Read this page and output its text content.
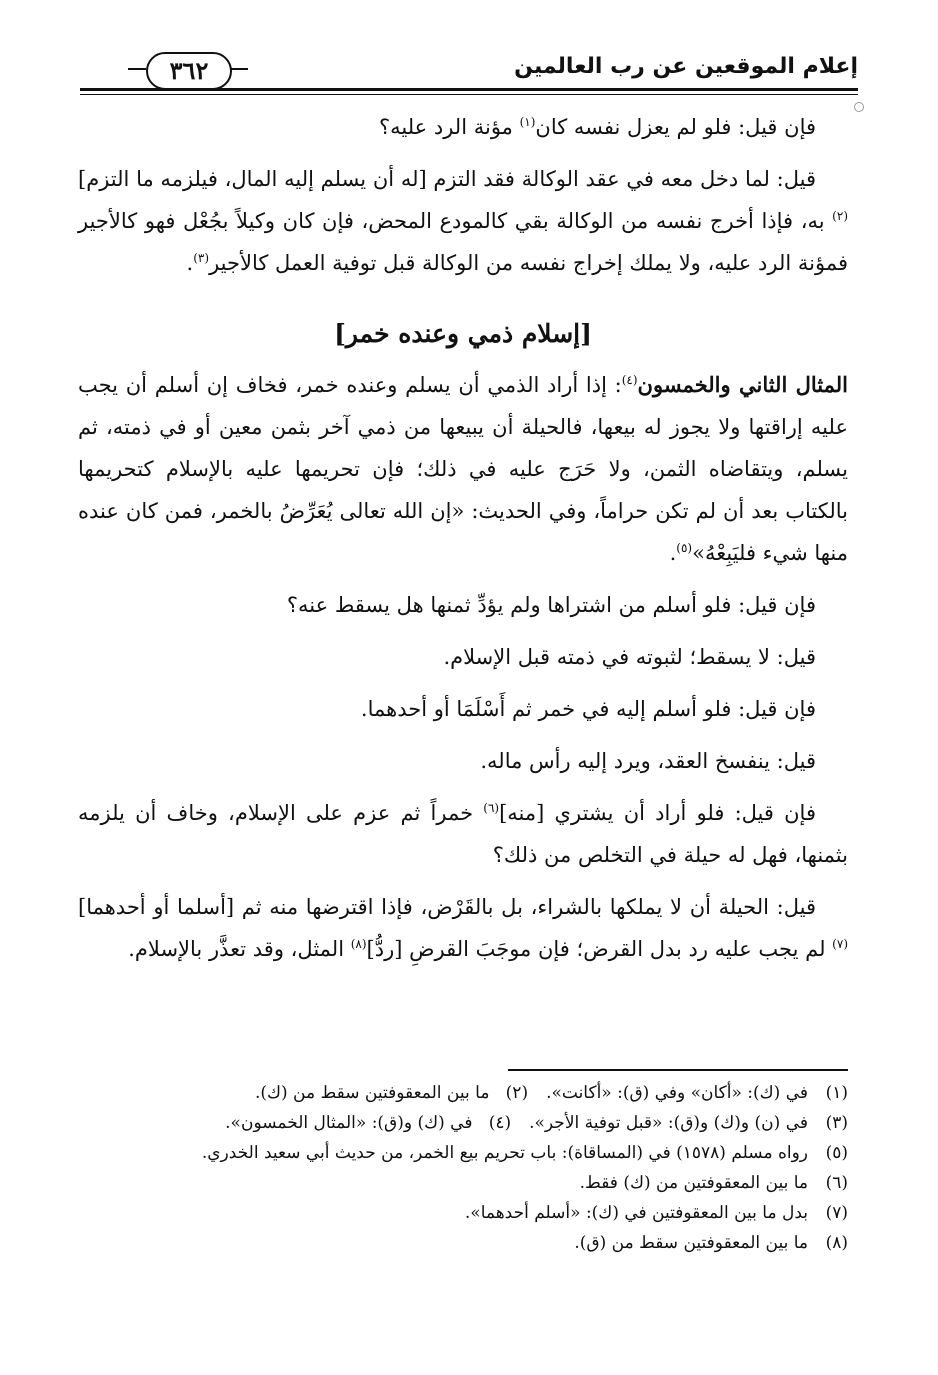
إعلام الموقعين عن رب العالمين
٣٦٢

فإن قيل: فلو لم يعزل نفسه كان$^{(١)}$ مؤنة الرد عليه؟

قيل: لما دخل معه في عقد الوكالة فقد التزم [له أن يسلم إليه المال، فيلزمه ما التزم]$^{(٢)}$ به، فإذا أخرج نفسه من الوكالة بقي كالمودع المحض، فإن كان وكيلاً بجُعْل فهو كالأجير فمؤنة الرد عليه، ولا يملك إخراج نفسه من الوكالة قبل توفية العمل كالأجير$^{(٣)}$.

[إسلام ذمي وعنده خمر]

المثال الثاني والخمسون$^{(٤)}$: إذا أراد الذمي أن يسلم وعنده خمر، فخاف إن أسلم أن يجب عليه إراقتها ولا يجوز له بيعها، فالحيلة أن يبيعها من ذمي آخر بثمن معين أو في ذمته، ثم يسلم، ويتقاضاه الثمن، ولا حَرَج عليه في ذلك؛ فإن تحريمها عليه بالإسلام كتحريمها بالكتاب بعد أن لم تكن حراماً، وفي الحديث: «إن الله تعالى يُعَرِّضُ بالخمر، فمن كان عنده منها شيء فليَبِعْهُ»$^{(٥)}$.

فإن قيل: فلو أسلم من اشتراها ولم يؤدِّ ثمنها هل يسقط عنه؟

قيل: لا يسقط؛ لثبوته في ذمته قبل الإسلام.

فإن قيل: فلو أسلم إليه في خمر ثم أَسْلَمَا أو أحدهما.

قيل: ينفسخ العقد، ويرد إليه رأس ماله.

فإن قيل: فلو أراد أن يشتري [منه]$^{(٦)}$ خمراً ثم عزم على الإسلام، وخاف أن يلزمه بثمنها، فهل له حيلة في التخلص من ذلك؟

قيل: الحيلة أن لا يملكها بالشراء، بل بالقَرْض، فإذا اقترضها منه ثم [أسلما أو أحدهما]$^{(٧)}$ لم يجب عليه رد بدل القرض؛ فإن موجَبَ القرضِ [ردُّ]$^{(٨)}$ المثل، وقد تعذَّر بالإسلام.

(١)
في (ك): «أكان» وفي (ق): «أكانت».(٢)   ما بين المعقوفتين سقط من (ك).
(٣)
في (ن) و(ك) و(ق): «قبل توفية الأجر».(٤)   في (ك) و(ق): «المثال الخمسون».
(٥)
رواه مسلم (١٥٧٨) في (المساقاة): باب تحريم بيع الخمر، من حديث أبي سعيد الخدري.
(٦)
ما بين المعقوفتين من (ك) فقط.
(٧)
بدل ما بين المعقوفتين في (ك): «أسلم أحدهما».
(٨)
ما بين المعقوفتين سقط من (ق).
